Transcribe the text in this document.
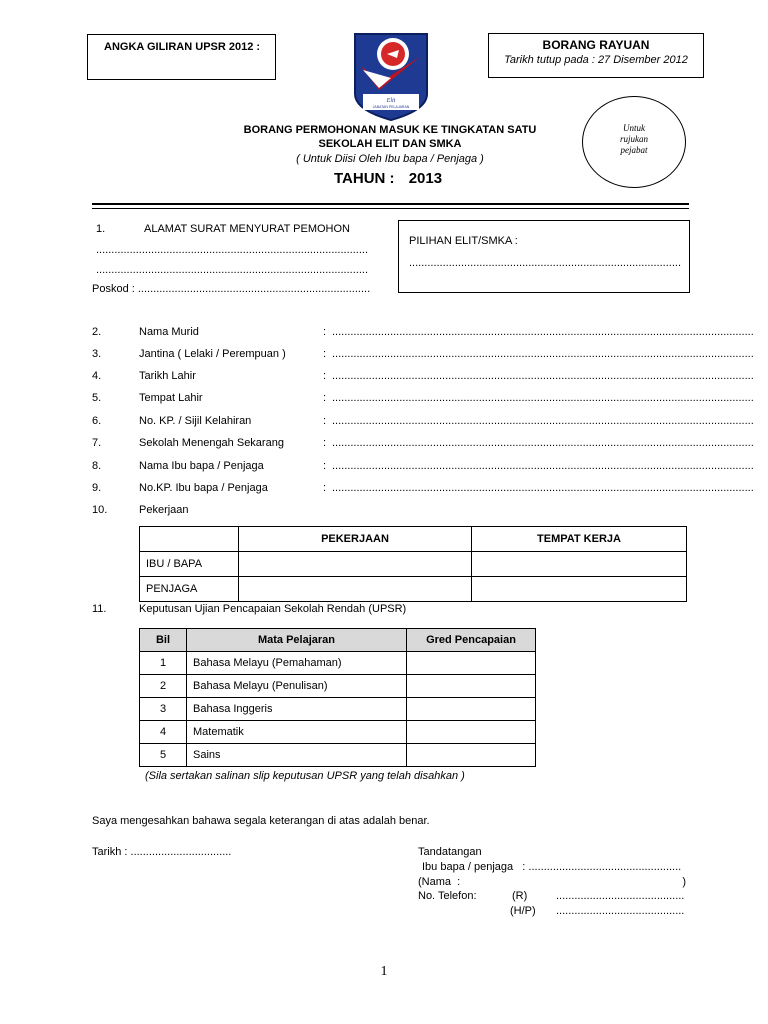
ANGKA GILIRAN UPSR 2012 :
Elit
JABATAN PELAJARAN
BORANG RAYUAN
Tarikh tutup pada : 27 Disember 2012
Untuk
rujukan
pejabat
BORANG PERMOHONAN MASUK KE TINGKATAN SATU
SEKOLAH ELIT DAN SMKA
( Untuk Diisi Oleh Ibu bapa / Penjaga )
TAHUN : 2013
1.	ALAMAT SURAT MENYURAT PEMOHON
.........................................................................................
.........................................................................................
Poskod : ............................................................................
PILIHAN ELIT/SMKA :
.........................................................................................
2.	Nama Murid	: ..........................................................................................................................................
3.	Jantina ( Lelaki / Perempuan )	: ..........................................................................................................................................
4.	Tarikh Lahir	: ..........................................................................................................................................
5.	Tempat Lahir	: ..........................................................................................................................................
6.	No. KP. / Sijil Kelahiran	: ..........................................................................................................................................
7.	Sekolah Menengah Sekarang	: ..........................................................................................................................................
8.	Nama Ibu bapa / Penjaga	: ..........................................................................................................................................
9.	No.KP. Ibu bapa / Penjaga	: ..........................................................................................................................................
10.	Pekerjaan
	PEKERJAAN	TEMPAT KERJA
IBU / BAPA		
PENJAGA		
11.	Keputusan Ujian Pencapaian Sekolah Rendah (UPSR)
Bil	Mata Pelajaran	Gred Pencapaian
1	Bahasa Melayu (Pemahaman)	
2	Bahasa Melayu (Penulisan)	
3	Bahasa Inggeris	
4	Matematik	
5	Sains	
(Sila sertakan salinan slip keputusan UPSR yang telah disahkan )
Saya mengesahkan bahawa segala keterangan di atas adalah benar.
Tarikh : .................................	Tandatangan
Ibu bapa / penjaga   : ..................................................
(Nama  :	)
No. Telefon:	(R)	..........................................
(H/P) ..........................................
1
